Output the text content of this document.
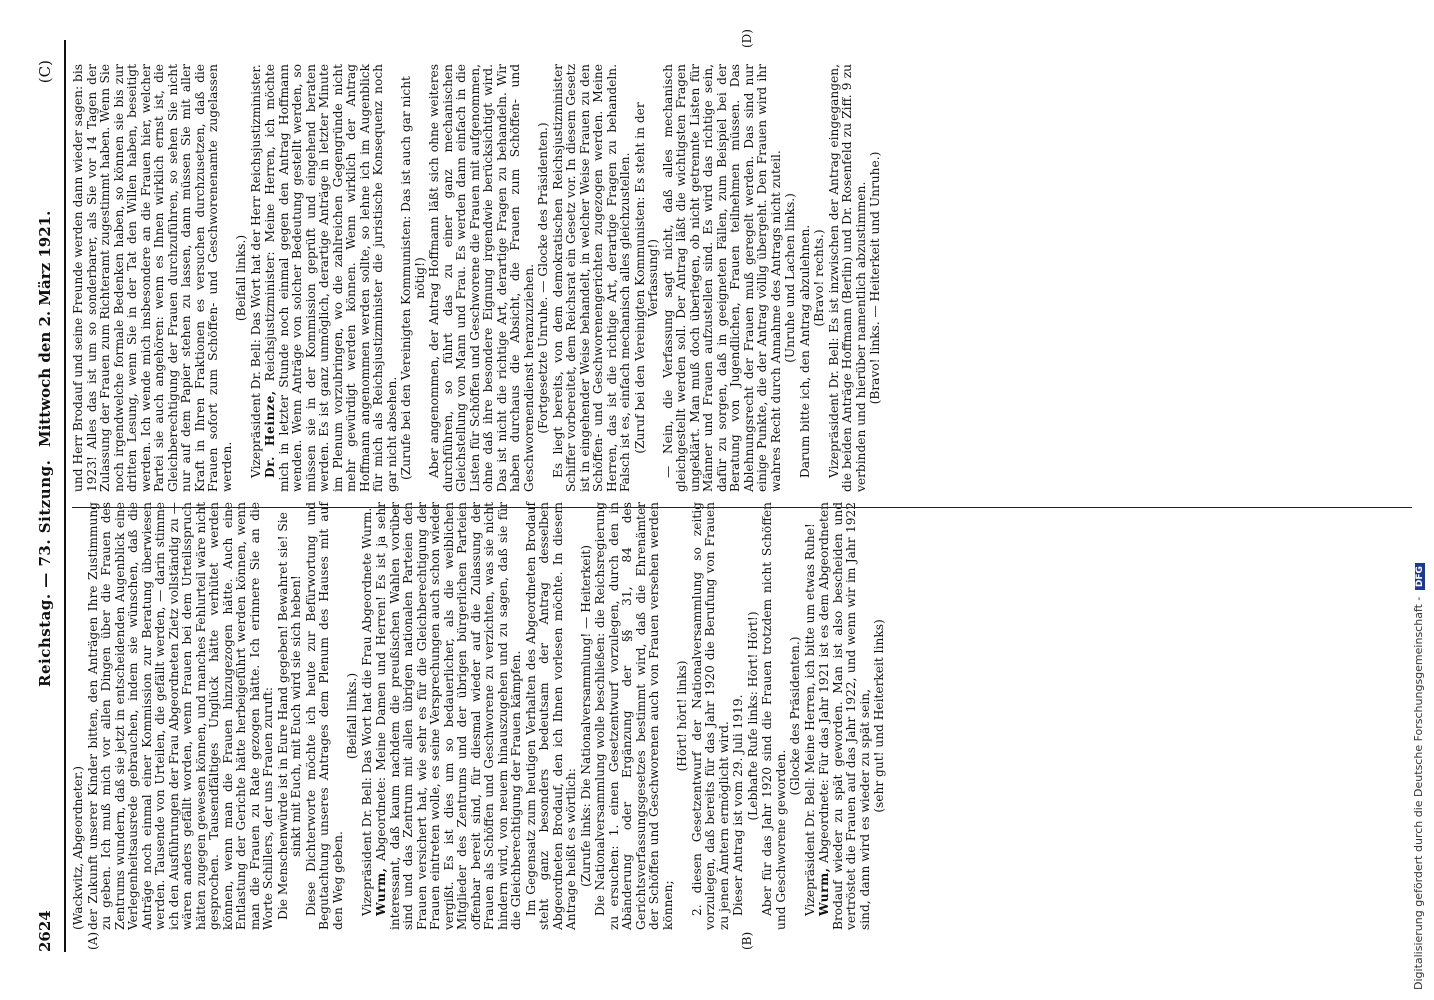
2624
Reichstag. — 73. Sitzung.
Mittwoch den 2. März 1921.
(C)
(A)	(B)
(D)

(Wackwitz, Abgeordneter.) der Zukunft unserer Kinder bitten, den Anträgen Ihre Zustimmung zu geben. Ich muß mich vor allen Dingen über die Frauen des Zentrums wundern, daß sie jetzt in entscheidenden Augenblick eine Verlegenheitsausrede gebrauchen, indem sie wünschen, daß die Anträge noch einmal einer Kommission zur Beratung überwiesen werden. Tausende von Urteilen, die gefällt werden, — darin stimme ich den Ausführungen der Frau Abgeordneten Zietz vollständig zu — wären anders gefällt worden, wenn Frauen bei dem Urteilsspruch hätten zugegen gewesen können, und manches Fehlurteil wäre nicht gesprochen. Tausendfältiges Unglück hätte verhütet werden können, wenn man die Frauen hinzugezogen hätte. Auch eine Entlastung der Gerichte hätte herbeigeführt werden können, wenn man die Frauen zu Rate gezogen hätte. Ich erinnere Sie an die Worte Schillers, der uns Frauen zuruft: Die Menschenwürde ist in Eure Hand gegeben! Bewahret sie! Sie sinkt mit Euch, mit Euch wird sie sich heben! Diese Dichterworte möchte ich heute zur Befürwortung und Begutachtung unseres Antrages dem Plenum des Hauses mit auf den Weg geben.

(Beifall links.) Vizepräsident Dr. Bell: Das Wort hat die Frau Abgeordnete Wurm. Wurm, Abgeordnete: Meine Damen und Herren! Es ist ja sehr interessant, daß kaum nachdem die preußischen Wahlen vorüber sind und das Zentrum mit allen übrigen nationalen Parteien den Frauen versichert hat, wie sehr es für die Gleichberechtigung der Frauen eintreten wolle, es seine Versprechungen auch schon wieder vergißt. Es ist dies um so bedauerlicher, als die weiblichen Mitglieder des Zentrums und der übrigen bürgerlichen Parteien offenbar bereit sind, für diesmal wieder auf die Zulassung der Frauen als Schöffen und Geschworene zu verzichten, was sie nicht hindern wird, von neuem hinauszugehen und zu sagen, daß sie für die Gleichberechtigung der Frauen kämpfen. Im Gegensatz zum heutigen Verhalten des Abgeordneten Brodauf steht ganz besonders bedeutsam der Antrag desselben Abgeordneten Brodauf, den ich Ihnen vorlesen möchte. In diesem Antrage heißt es wörtlich: (Zurufe links: Die Nationalversammlung! — Heiterkeit) Die Nationalversammlung wolle beschließen: die Reichsregierung zu ersuchen: 1. einen Gesetzentwurf vorzulegen, durch den in Abänderung oder Ergänzung der §§ 31, 84 des Gerichtsverfassungsgesetzes bestimmt wird, daß die Ehrenämter der Schöffen und Geschworenen auch von Frauen versehen werden können;

(Hört! hört! links) 2. diesen Gesetzentwurf der Nationalversammlung so zeitig vorzulegen, daß bereits für das Jahr 1920 die Berufung von Frauen zu jenen Ämtern ermöglicht wird. Dieser Antrag ist vom 29. Juli 1919. (Lebhafte Rufe links: Hört! Hört!) Aber für das Jahr 1920 sind die Frauen trotzdem nicht Schöffen und Geschworene geworden.

(Glocke des Präsidenten.) Vizepräsident Dr. Bell: Meine Herren, ich bitte um etwas Ruhe! Wurm, Abgeordnete: Für das Jahr 1921 ist es dem Abgeordneten Brodauf wieder zu spät geworden. Man ist also bescheiden und vertröstet die Frauen auf das Jahr 1922, und wenn wir im Jahr 1922 sind, dann wird es wieder zu spät sein, (sehr gut! und Heiterkeit links)

und Herr Brodauf und seine Freunde werden dann wieder sagen: bis 1923! Alles das ist um so sonderbarer, als Sie vor 14 Tagen der Zulassung der Frauen zum Richteramt zugestimmt haben. Wenn Sie noch irgendwelche formale Bedenken haben, so können sie bis zur dritten Lesung, wenn Sie in der Tat den Willen haben, beseitigt werden. Ich wende mich insbesondere an die Frauen hier, welcher Partei sie auch angehören: wenn es Ihnen wirklich ernst ist, die Gleichberechtigung der Frauen durchzuführen, so sehen Sie nicht nur auf dem Papier stehen zu lassen, dann müssen Sie mit aller Kraft in Ihren Fraktionen es versuchen durchzusetzen, daß die Frauen sofort zum Schöffen- und Geschworenenamte zugelassen werden.

(Beifall links.) Vizepräsident Dr. Bell: Das Wort hat der Herr Reichsjustizminister. Dr. Heinze, Reichsjustizminister: Meine Herren, ich möchte mich in letzter Stunde noch einmal gegen den Antrag Hoffmann wenden. Wenn Anträge von solcher Bedeutung gestellt werden, so müssen sie in der Kommission geprüft und eingehend beraten werden. Es ist ganz unmöglich, derartige Anträge in letzter Minute im Plenum vorzubringen, wo die zahlreichen Gegengründe nicht mehr gewürdigt werden können. Wenn wirklich der Antrag Hoffmann angenommen werden sollte, so lehne ich im Augenblick für mich als Reichsjustizminister die juristische Konsequenz noch gar nicht absehen. (Zurufe bei den Vereinigten Kommunisten: Das ist auch gar nicht nötig!) Aber angenommen, der Antrag Hoffmann läßt sich ohne weiteres durchführen, so führt das zu einer ganz mechanischen Gleichstellung von Mann und Frau. Es werden dann einfach in die Listen für Schöffen und Geschworene die Frauen mit aufgenommen, ohne daß ihre besondere Eignung irgendwie berücksichtigt wird. Das ist nicht die richtige Art, derartige Fragen zu behandeln. Wir haben durchaus die Absicht, die Frauen zum Schöffen- und Geschworenendienst heranzuziehen. (Fortgesetzte Unruhe. — Glocke des Präsidenten.) Es liegt bereits, von dem demokratischen Reichsjustizminister Schiffer vorbereitet, dem Reichsrat ein Gesetz vor. In diesem Gesetz ist in eingehender Weise behandelt, in welcher Weise Frauen zu den Schöffen- und Geschworenengerichten zugezogen werden. Meine Herren, das ist die richtige Art, derartige Fragen zu behandeln. Falsch ist es, einfach mechanisch alles gleichzustellen. (Zuruf bei den Vereinigten Kommunisten: Es steht in der Verfassung!) — Nein, die Verfassung sagt nicht, daß alles mechanisch gleichgestellt werden soll. Der Antrag läßt die wichtigsten Fragen ungeklärt. Man muß doch überlegen, ob nicht getrennte Listen für Männer und Frauen aufzustellen sind. Es wird das richtige sein, dafür zu sorgen, daß in geeigneten Fällen, zum Beispiel bei der Beratung von Jugendlichen, Frauen teilnehmen müssen. Das Ablehnungsrecht der Frauen muß geregelt werden. Das sind nur einige Punkte, die der Antrag völlig übergeht. Den Frauen wird ihr wahres Recht durch Annahme des Antrags nicht zuteil. (Unruhe und Lachen links.) Darum bitte ich, den Antrag abzulehnen. (Bravo! rechts.) Vizepräsident Dr. Bell: Es ist inzwischen der Antrag eingegangen, die beiden Anträge Hoffmann (Berlin) und Dr. Rosenfeld zu Ziff. 9 zu verbinden und hierüber namentlich abzustimmen. (Bravo! links. — Heiterkeit und Unruhe.)

Digitalisierung gefördert durch die Deutsche Forschungsgemeinschaft - DFG
